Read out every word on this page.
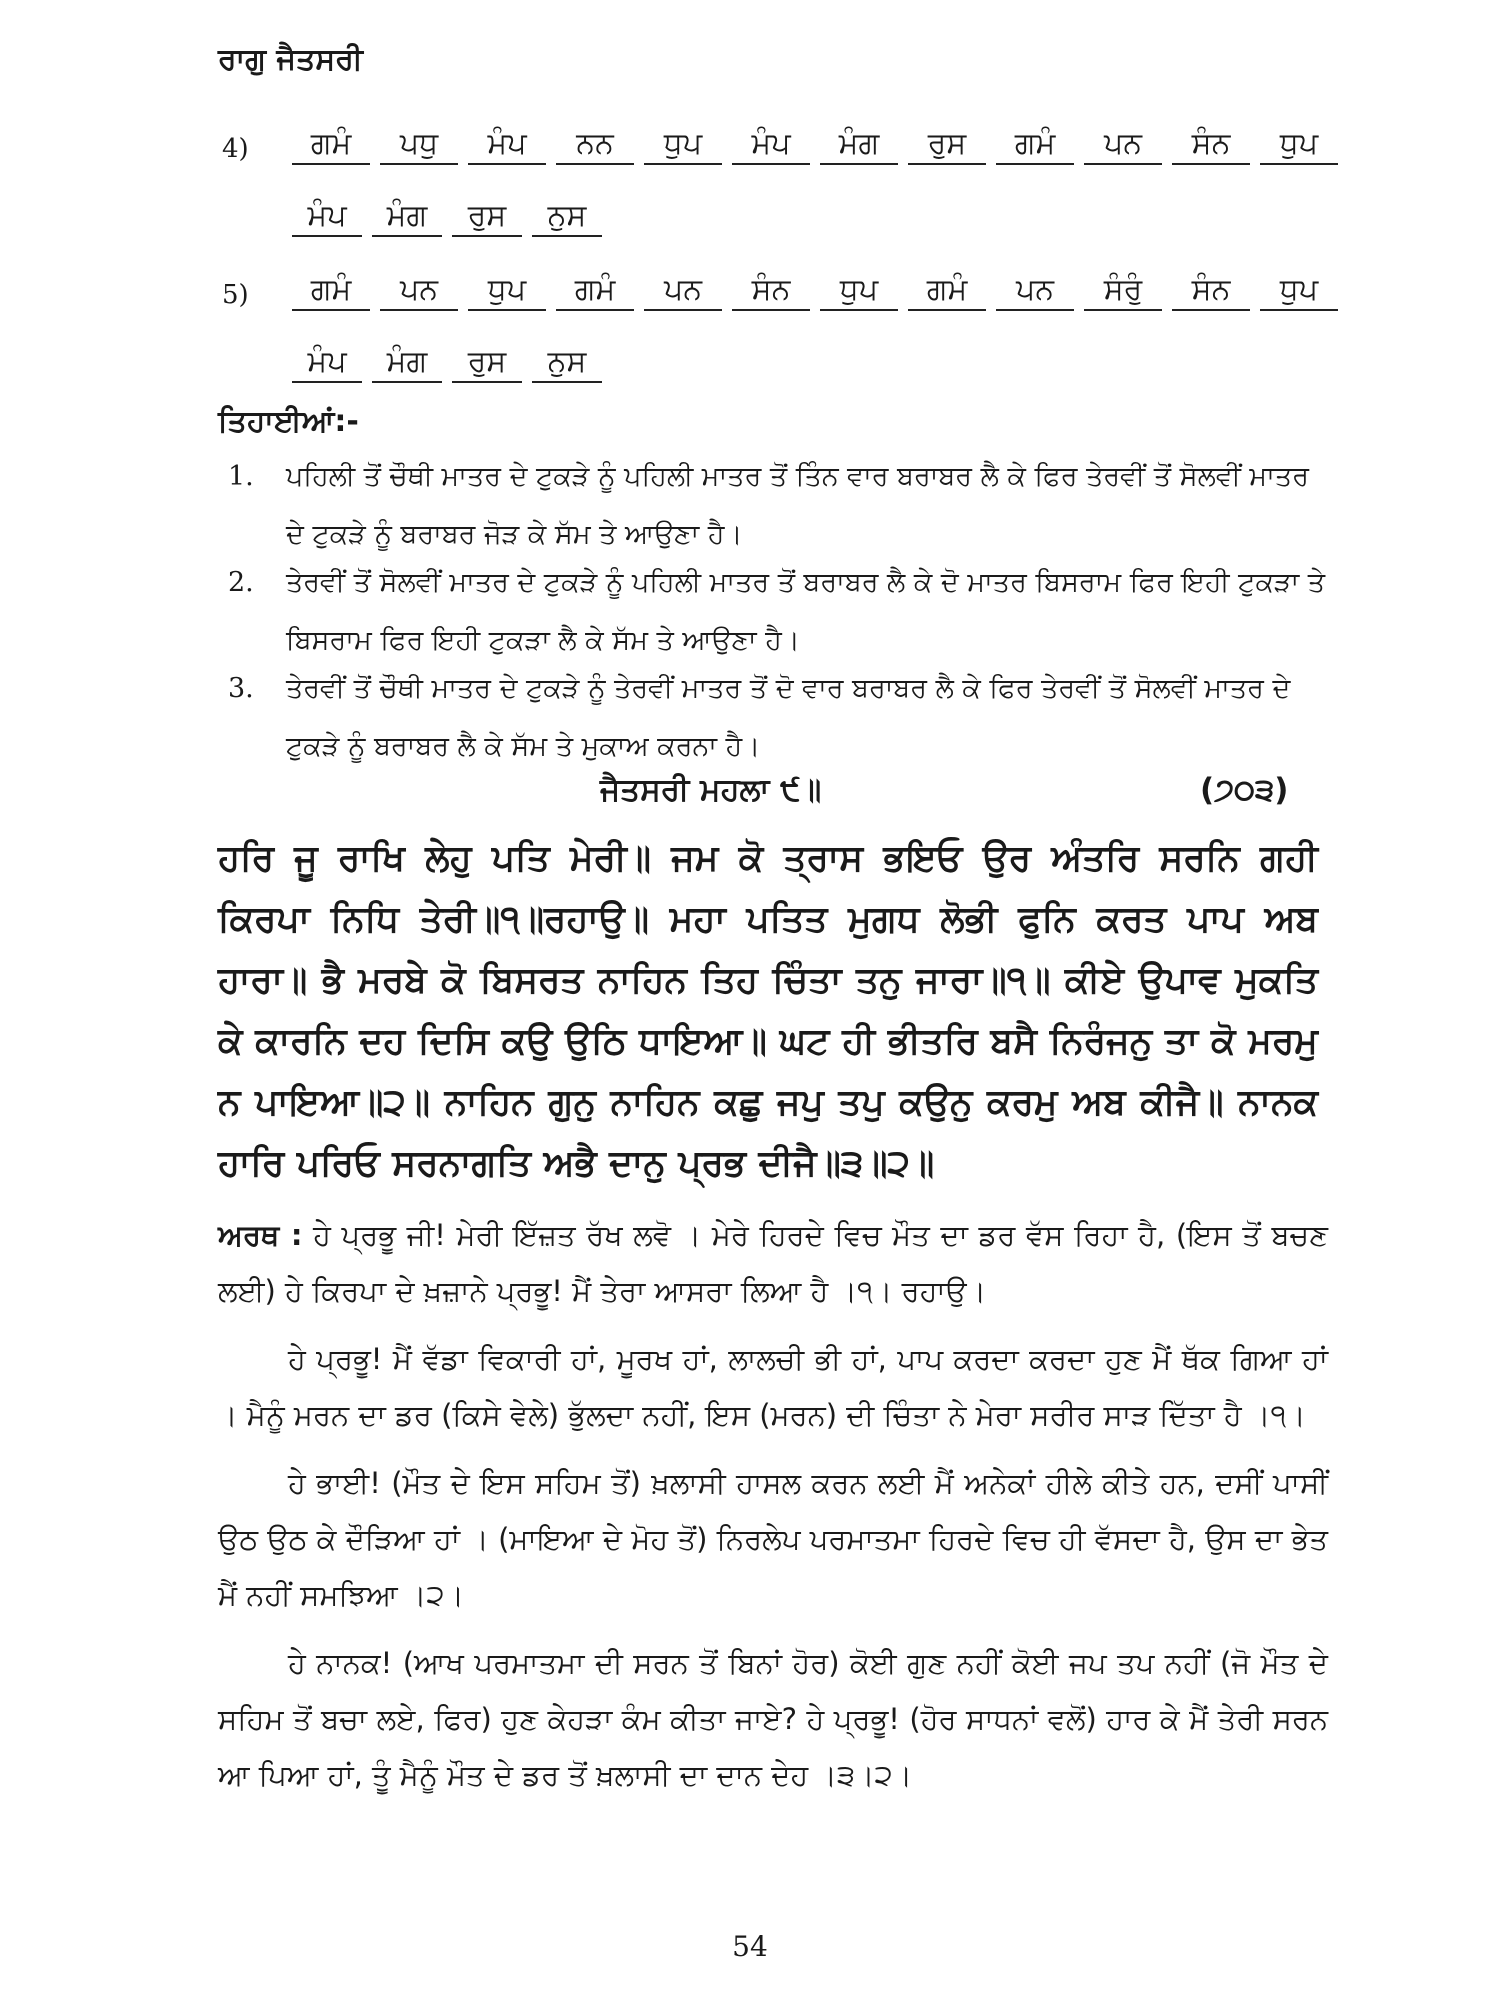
ਰਾਗੁ ਜੈਤਸਰੀ
4)	ਗਮੰ	ਪਧੁ	ਮੰਪ	ਨਨ	ਧੁਪ	ਮੰਪ	ਮੰਗ	ਰੁਸ	ਗਮੰ	ਪਨ	ਸੰਨ	ਧੁਪ
ਮੰਪ	ਮੰਗ	ਰੁਸ	ਨੁਸ
5)	ਗਮੰ	ਪਨ	ਧੁਪ	ਗਮੰ	ਪਨ	ਸੰਨ	ਧੁਪ	ਗਮੰ	ਪਨ	ਸੰਰੁੰ	ਸੰਨ	ਧੁਪ
ਮੰਪ	ਮੰਗ	ਰੁਸ	ਨੁਸ
ਤਿਹਾਈਆਂ:-
1. ਪਹਿਲੀ ਤੋਂ ਚੌਥੀ ਮਾਤਰ ਦੇ ਟੁਕੜੇ ਨੂੰ ਪਹਿਲੀ ਮਾਤਰ ਤੋਂ ਤਿੰਨ ਵਾਰ ਬਰਾਬਰ ਲੈ ਕੇ ਫਿਰ ਤੇਰਵੀਂ ਤੋਂ ਸੋਲਵੀਂ ਮਾਤਰ ਦੇ ਟੁਕੜੇ ਨੂੰ ਬਰਾਬਰ ਜੋੜ ਕੇ ਸੱਮ ਤੇ ਆਉਣਾ ਹੈ।
2. ਤੇਰਵੀਂ ਤੋਂ ਸੋਲਵੀਂ ਮਾਤਰ ਦੇ ਟੁਕੜੇ ਨੂੰ ਪਹਿਲੀ ਮਾਤਰ ਤੋਂ ਬਰਾਬਰ ਲੈ ਕੇ ਦੋ ਮਾਤਰ ਬਿਸਰਾਮ ਫਿਰ ਇਹੀ ਟੁਕੜਾ ਤੇ ਬਿਸਰਾਮ ਫਿਰ ਇਹੀ ਟੁਕੜਾ ਲੈ ਕੇ ਸੱਮ ਤੇ ਆਉਣਾ ਹੈ।
3. ਤੇਰਵੀਂ ਤੋਂ ਚੌਥੀ ਮਾਤਰ ਦੇ ਟੁਕੜੇ ਨੂੰ ਤੇਰਵੀਂ ਮਾਤਰ ਤੋਂ ਦੋ ਵਾਰ ਬਰਾਬਰ ਲੈ ਕੇ ਫਿਰ ਤੇਰਵੀਂ ਤੋਂ ਸੋਲਵੀਂ ਮਾਤਰ ਦੇ ਟੁਕੜੇ ਨੂੰ ਬਰਾਬਰ ਲੈ ਕੇ ਸੱਮ ਤੇ ਮੁਕਾਅ ਕਰਨਾ ਹੈ।
ਜੈਤਸਰੀ ਮਹਲਾ ੯॥	(੭੦੩)
ਹਰਿ ਜੂ ਰਾਖਿ ਲੇਹੁ ਪਤਿ ਮੇਰੀ॥ ਜਮ ਕੋ ਤ੍ਰਾਸ ਭਇਓ ਉਰ ਅੰਤਰਿ ਸਰਨਿ ਗਹੀ ਕਿਰਪਾ ਨਿਧਿ ਤੇਰੀ॥੧॥ਰਹਾਉ॥ ਮਹਾ ਪਤਿਤ ਮੁਗਧ ਲੋਭੀ ਫੁਨਿ ਕਰਤ ਪਾਪ ਅਬ ਹਾਰਾ॥ ਭੈ ਮਰਬੇ ਕੋ ਬਿਸਰਤ ਨਾਹਿਨ ਤਿਹ ਚਿੰਤਾ ਤਨੁ ਜਾਰਾ॥੧॥ ਕੀਏ ਉਪਾਵ ਮੁਕਤਿ ਕੇ ਕਾਰਨਿ ਦਹ ਦਿਸਿ ਕਉ ਉਠਿ ਧਾਇਆ॥ ਘਟ ਹੀ ਭੀਤਰਿ ਬਸੈ ਨਿਰੰਜਨੁ ਤਾ ਕੋ ਮਰਮੁ ਨ ਪਾਇਆ॥੨॥ ਨਾਹਿਨ ਗੁਨੁ ਨਾਹਿਨ ਕਛੁ ਜਪੁ ਤਪੁ ਕਉਨੁ ਕਰਮੁ ਅਬ ਕੀਜੈ॥ ਨਾਨਕ ਹਾਰਿ ਪਰਿਓ ਸਰਨਾਗਤਿ ਅਭੈ ਦਾਨੁ ਪ੍ਰਭ ਦੀਜੈ॥੩॥੨॥

ਅਰਥ : ਹੇ ਪ੍ਰਭੂ ਜੀ! ਮੇਰੀ ਇੱਜ਼ਤ ਰੱਖ ਲਵੋ । ਮੇਰੇ ਹਿਰਦੇ ਵਿਚ ਮੌਤ ਦਾ ਡਰ ਵੱਸ ਰਿਹਾ ਹੈ, (ਇਸ ਤੋਂ ਬਚਣ ਲਈ) ਹੇ ਕਿਰਪਾ ਦੇ ਖ਼ਜ਼ਾਨੇ ਪ੍ਰਭੂ! ਮੈਂ ਤੇਰਾ ਆਸਰਾ ਲਿਆ ਹੈ ।੧। ਰਹਾਉ।

ਹੇ ਪ੍ਰਭੂ! ਮੈਂ ਵੱਡਾ ਵਿਕਾਰੀ ਹਾਂ, ਮੂਰਖ ਹਾਂ, ਲਾਲਚੀ ਭੀ ਹਾਂ, ਪਾਪ ਕਰਦਾ ਕਰਦਾ ਹੁਣ ਮੈਂ ਥੱਕ ਗਿਆ ਹਾਂ । ਮੈਨੂੰ ਮਰਨ ਦਾ ਡਰ (ਕਿਸੇ ਵੇਲੇ) ਭੁੱਲਦਾ ਨਹੀਂ, ਇਸ (ਮਰਨ) ਦੀ ਚਿੰਤਾ ਨੇ ਮੇਰਾ ਸਰੀਰ ਸਾੜ ਦਿੱਤਾ ਹੈ ।੧।

ਹੇ ਭਾਈ! (ਮੌਤ ਦੇ ਇਸ ਸਹਿਮ ਤੋਂ) ਖ਼ਲਾਸੀ ਹਾਸਲ ਕਰਨ ਲਈ ਮੈਂ ਅਨੇਕਾਂ ਹੀਲੇ ਕੀਤੇ ਹਨ, ਦਸੀਂ ਪਾਸੀਂ ਉਠ ਉਠ ਕੇ ਦੌੜਿਆ ਹਾਂ । (ਮਾਇਆ ਦੇ ਮੋਹ ਤੋਂ) ਨਿਰਲੇਪ ਪਰਮਾਤਮਾ ਹਿਰਦੇ ਵਿਚ ਹੀ ਵੱਸਦਾ ਹੈ, ਉਸ ਦਾ ਭੇਤ ਮੈਂ ਨਹੀਂ ਸਮਝਿਆ ।੨।

ਹੇ ਨਾਨਕ! (ਆਖ ਪਰਮਾਤਮਾ ਦੀ ਸਰਨ ਤੋਂ ਬਿਨਾਂ ਹੋਰ) ਕੋਈ ਗੁਣ ਨਹੀਂ ਕੋਈ ਜਪ ਤਪ ਨਹੀਂ (ਜੋ ਮੌਤ ਦੇ ਸਹਿਮ ਤੋਂ ਬਚਾ ਲਏ, ਫਿਰ) ਹੁਣ ਕੇਹੜਾ ਕੰਮ ਕੀਤਾ ਜਾਏ? ਹੇ ਪ੍ਰਭੂ! (ਹੋਰ ਸਾਧਨਾਂ ਵਲੋਂ) ਹਾਰ ਕੇ ਮੈਂ ਤੇਰੀ ਸਰਨ ਆ ਪਿਆ ਹਾਂ, ਤੂੰ ਮੈਨੂੰ ਮੌਤ ਦੇ ਡਰ ਤੋਂ ਖ਼ਲਾਸੀ ਦਾ ਦਾਨ ਦੇਹ ।੩।੨।

54
